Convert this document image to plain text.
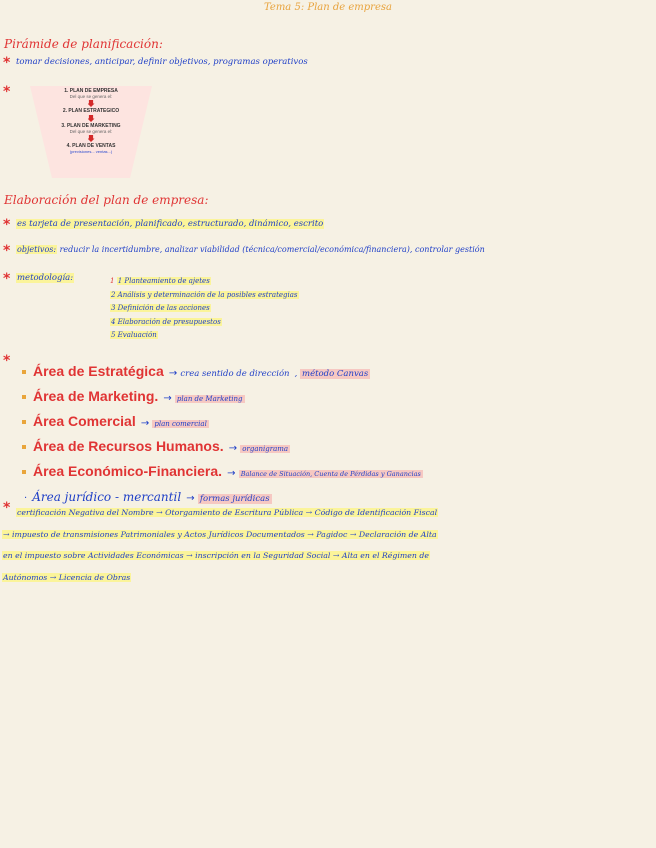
Tema 5: Plan de empresa
Pirámide de planificación:
* tomar decisiones, anticipar, definir objetivos, programas operativos
*	1. PLAN DE EMPRESA
Del que se genera el:
2. PLAN ESTRATEGICO
3. PLAN DE MARKETING
Del que se genera el:
4. PLAN DE VENTAS
(previsiones... ventas...)
Elaboración del plan de empresa:
* es tarjeta de presentación, planificado, estructurado, dinámico, escrito
* objetivos: reducir la incertidumbre, analizar viabilidad (técnica/comercial/económica/financiera), controlar gestión
* metodología:	1 1 Planteamiento de ajetes
2 Análisis y determinación de la posibles estrategias
3 Definición de las acciones
4 Elaboración de presupuestos
5 Evaluación
*
Área de Estratégica → crea sentido de dirección , método Canvas
Área de Marketing. → plan de Marketing
Área Comercial → plan comercial
Área de Recursos Humanos. → organigrama
Área Económico-Financiera. → Balance de Situación, Cuenta de Pérdidas y Ganancias
· Área jurídico - mercantil → formas jurídicas
* certificación Negativa del Nombre → Otorgamiento de Escritura Pública → Código de Identificación Fiscal
→ impuesto de transmisiones Patrimoniales y Actos Jurídicos Documentados → Pagidoc → Declaración de Alta
en el impuesto sobre Actividades Económicas → inscripción en la Seguridad Social → Alta en el Régimen de
Autónomos → Licencia de Obras
